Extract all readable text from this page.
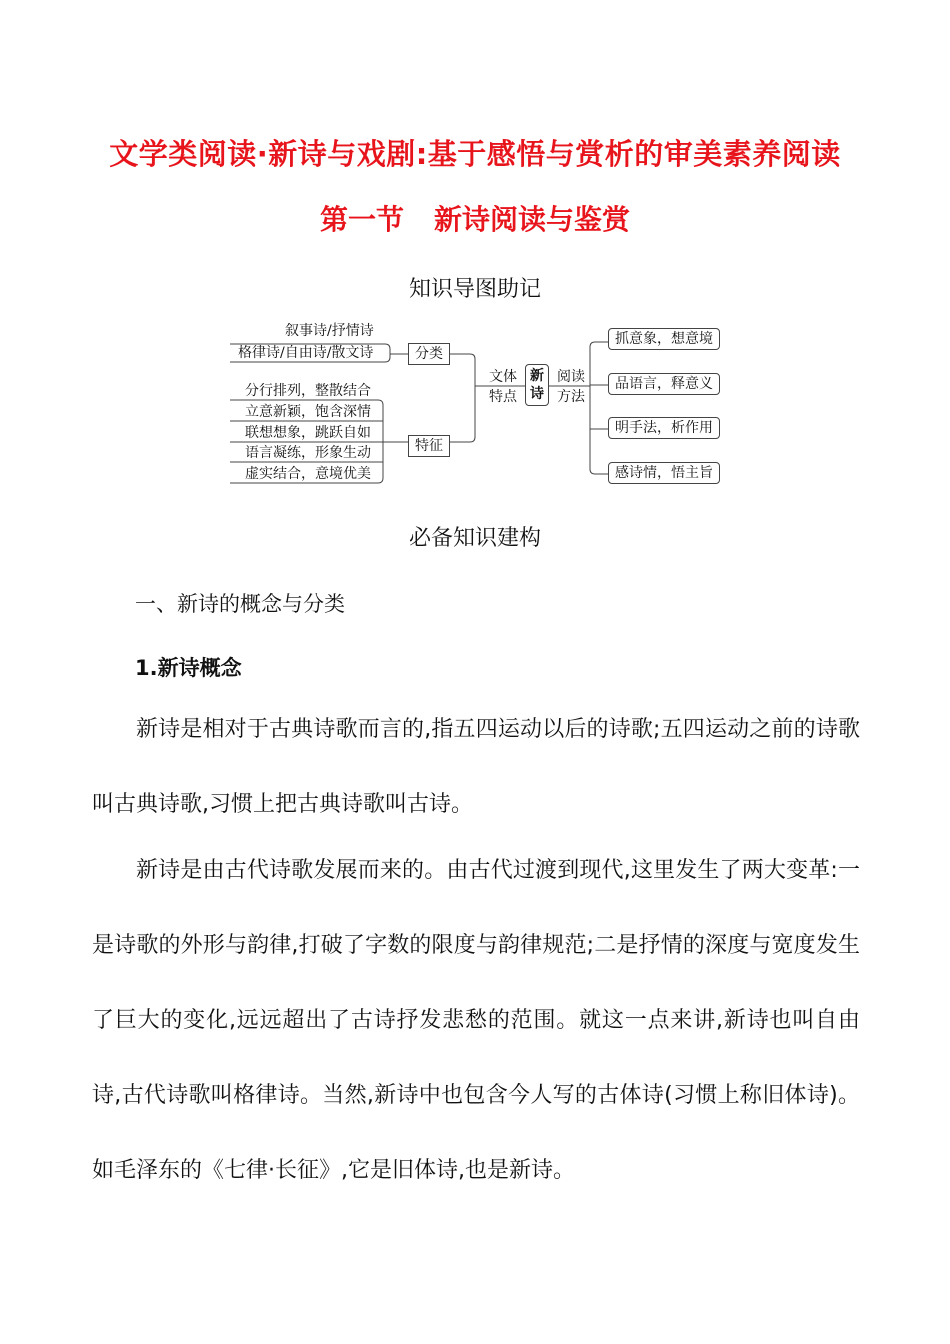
文学类阅读·新诗与戏剧:基于感悟与赏析的审美素养阅读
第一节 新诗阅读与鉴赏
知识导图助记
叙事诗/抒情诗
格律诗/自由诗/散文诗	分类
分行排列，整散结合
立意新颖，饱含深情
联想想象，跳跃自如
语言凝练，形象生动
虚实结合，意境优美
特征
文体
特点
新
诗
阅读
方法
抓意象，想意境
品语言，释意义
明手法，析作用
感诗情，悟主旨
必备知识建构
一、新诗的概念与分类
1.新诗概念
新诗是相对于古典诗歌而言的,指五四运动以后的诗歌;五四运动之前的诗歌叫古典诗歌,习惯上把古典诗歌叫古诗。
新诗是由古代诗歌发展而来的。由古代过渡到现代,这里发生了两大变革:一是诗歌的外形与韵律,打破了字数的限度与韵律规范;二是抒情的深度与宽度发生了巨大的变化,远远超出了古诗抒发悲愁的范围。就这一点来讲,新诗也叫自由诗,古代诗歌叫格律诗。当然,新诗中也包含今人写的古体诗(习惯上称旧体诗)。如毛泽东的《七律·长征》,它是旧体诗,也是新诗。
